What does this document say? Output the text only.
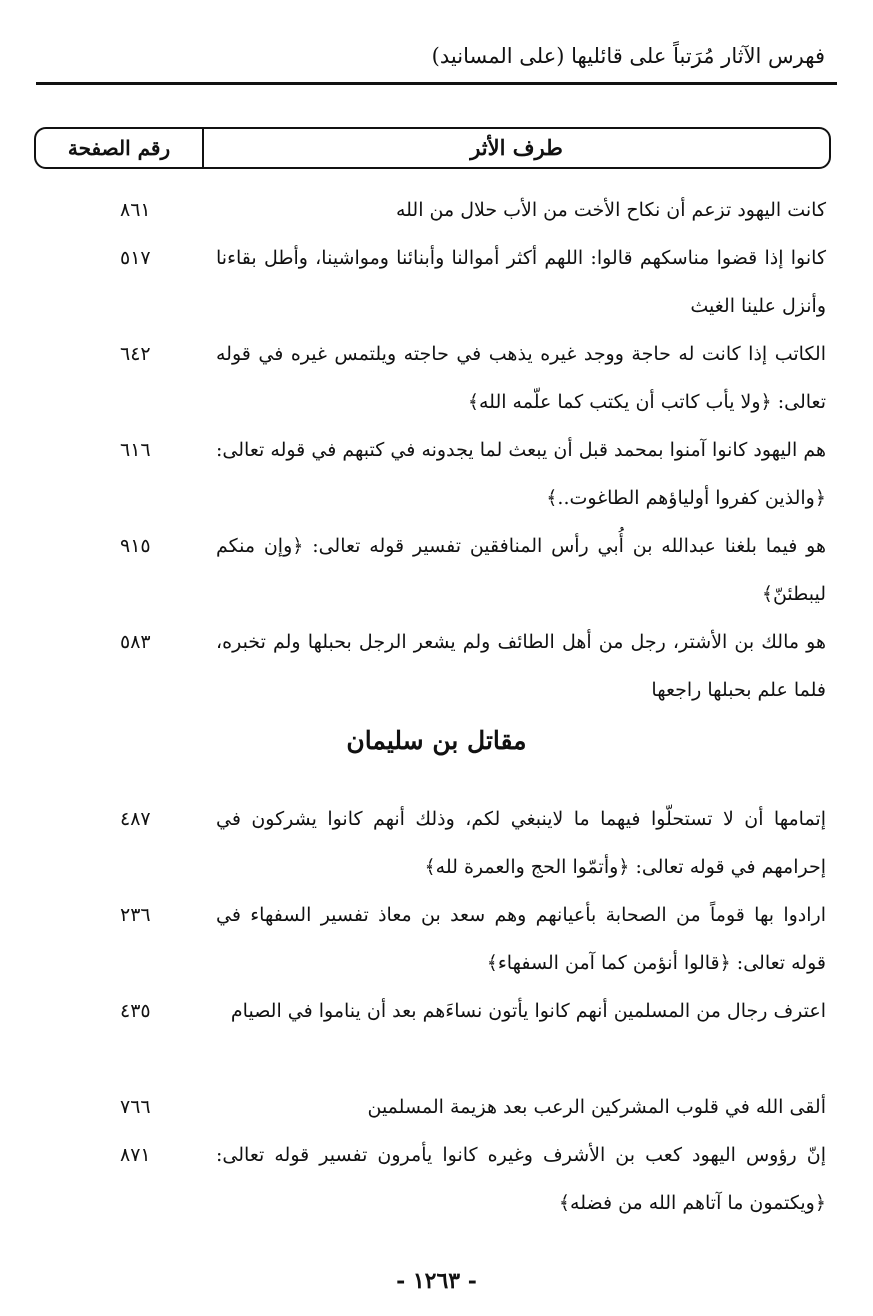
فهرس الآثار مُرَتباً على قائليها (على المسانيد)
طرف الأثر
رقم الصفحة
كانت اليهود تزعم أن نكاح الأخت من الأب حلال من الله
٨٦١
كانوا إذا قضوا مناسكهم قالوا: اللهم أكثر أموالنا وأبنائنا ومواشينا، وأطل بقاءنا وأنزل علينا الغيث
٥١٧
الكاتب إذا كانت له حاجة ووجد غيره يذهب في حاجته ويلتمس غيره في قوله تعالى: ﴿ولا يأب كاتب أن يكتب كما علّمه الله﴾
٦٤٢
هم اليهود كانوا آمنوا بمحمد قبل أن يبعث لما يجدونه في كتبهم في قوله تعالى: ﴿والذين كفروا أولياؤهم الطاغوت..﴾
٦١٦
هو فيما بلغنا عبدالله بن أُبي رأس المنافقين تفسير قوله تعالى: ﴿وإن منكم ليبطئنّ﴾
٩١٥
هو مالك بن الأشتر، رجل من أهل الطائف ولم يشعر الرجل بحبلها ولم تخبره، فلما علم بحبلها راجعها
٥٨٣
مقاتل بن سليمان
إتمامها أن لا تستحلّوا فيهما ما لاينبغي لكم، وذلك أنهم كانوا يشركون في إحرامهم في قوله تعالى: ﴿وأتمّوا الحج والعمرة لله﴾
٤٨٧
ارادوا بها قوماً من الصحابة بأعيانهم وهم سعد بن معاذ تفسير السفهاء في قوله تعالى: ﴿قالوا أنؤمن كما آمن السفهاء﴾
٢٣٦
اعترف رجال من المسلمين أنهم كانوا يأتون نساءَهم بعد أن يناموا في الصيام
٤٣٥
ألقى الله في قلوب المشركين الرعب بعد هزيمة المسلمين
٧٦٦
إنّ رؤوس اليهود كعب بن الأشرف وغيره كانوا يأمرون تفسير قوله تعالى: ﴿ويكتمون ما آتاهم الله من فضله﴾
٨٧١
- ١٢٦٣ -
